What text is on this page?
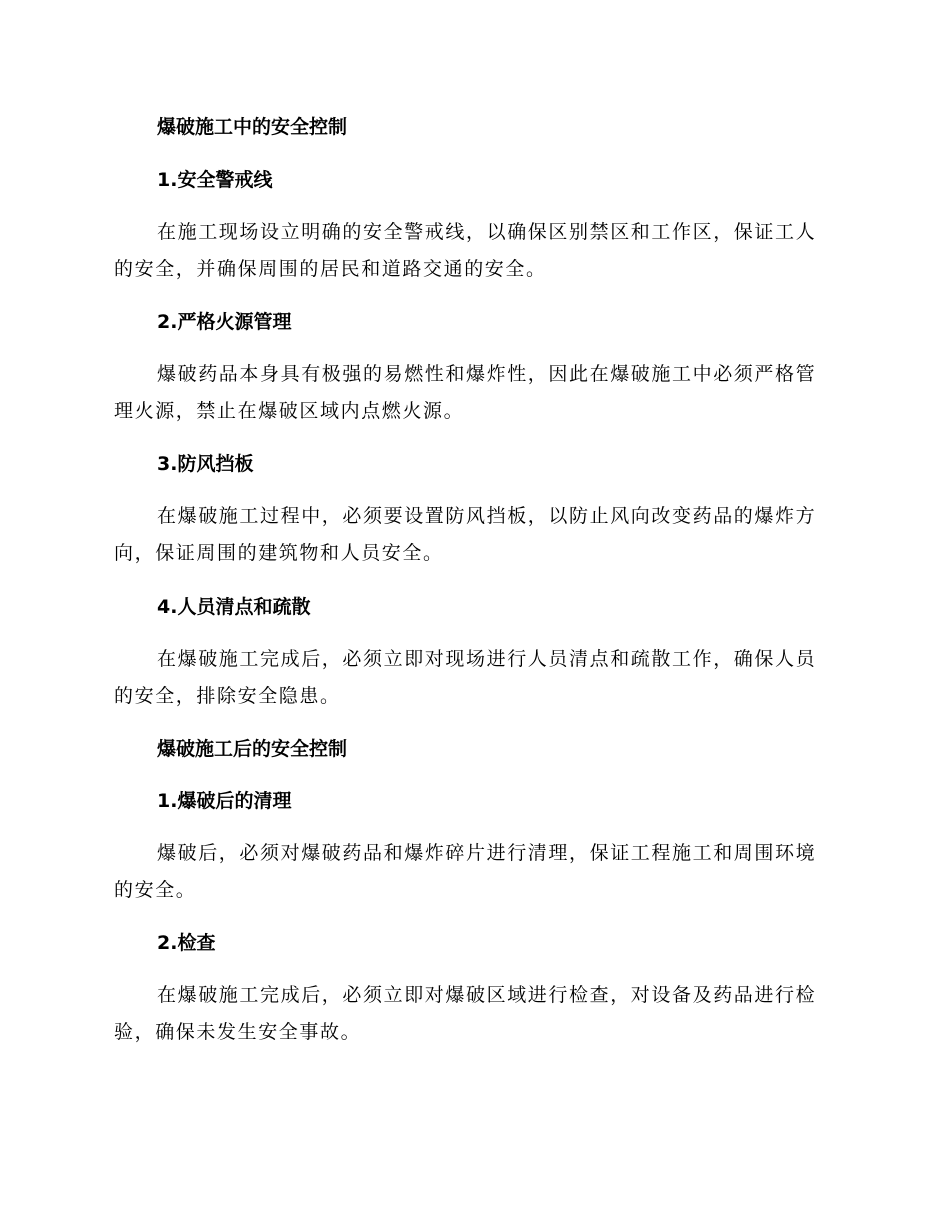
爆破施工中的安全控制
1.安全警戒线

在施工现场设立明确的安全警戒线，以确保区别禁区和工作区，保证工人的安全，并确保周围的居民和道路交通的安全。

2.严格火源管理

爆破药品本身具有极强的易燃性和爆炸性，因此在爆破施工中必须严格管理火源，禁止在爆破区域内点燃火源。

3.防风挡板

在爆破施工过程中，必须要设置防风挡板，以防止风向改变药品的爆炸方向，保证周围的建筑物和人员安全。

4.人员清点和疏散

在爆破施工完成后，必须立即对现场进行人员清点和疏散工作，确保人员的安全，排除安全隐患。

爆破施工后的安全控制
1.爆破后的清理

爆破后，必须对爆破药品和爆炸碎片进行清理，保证工程施工和周围环境的安全。

2.检查

在爆破施工完成后，必须立即对爆破区域进行检查，对设备及药品进行检验，确保未发生安全事故。
